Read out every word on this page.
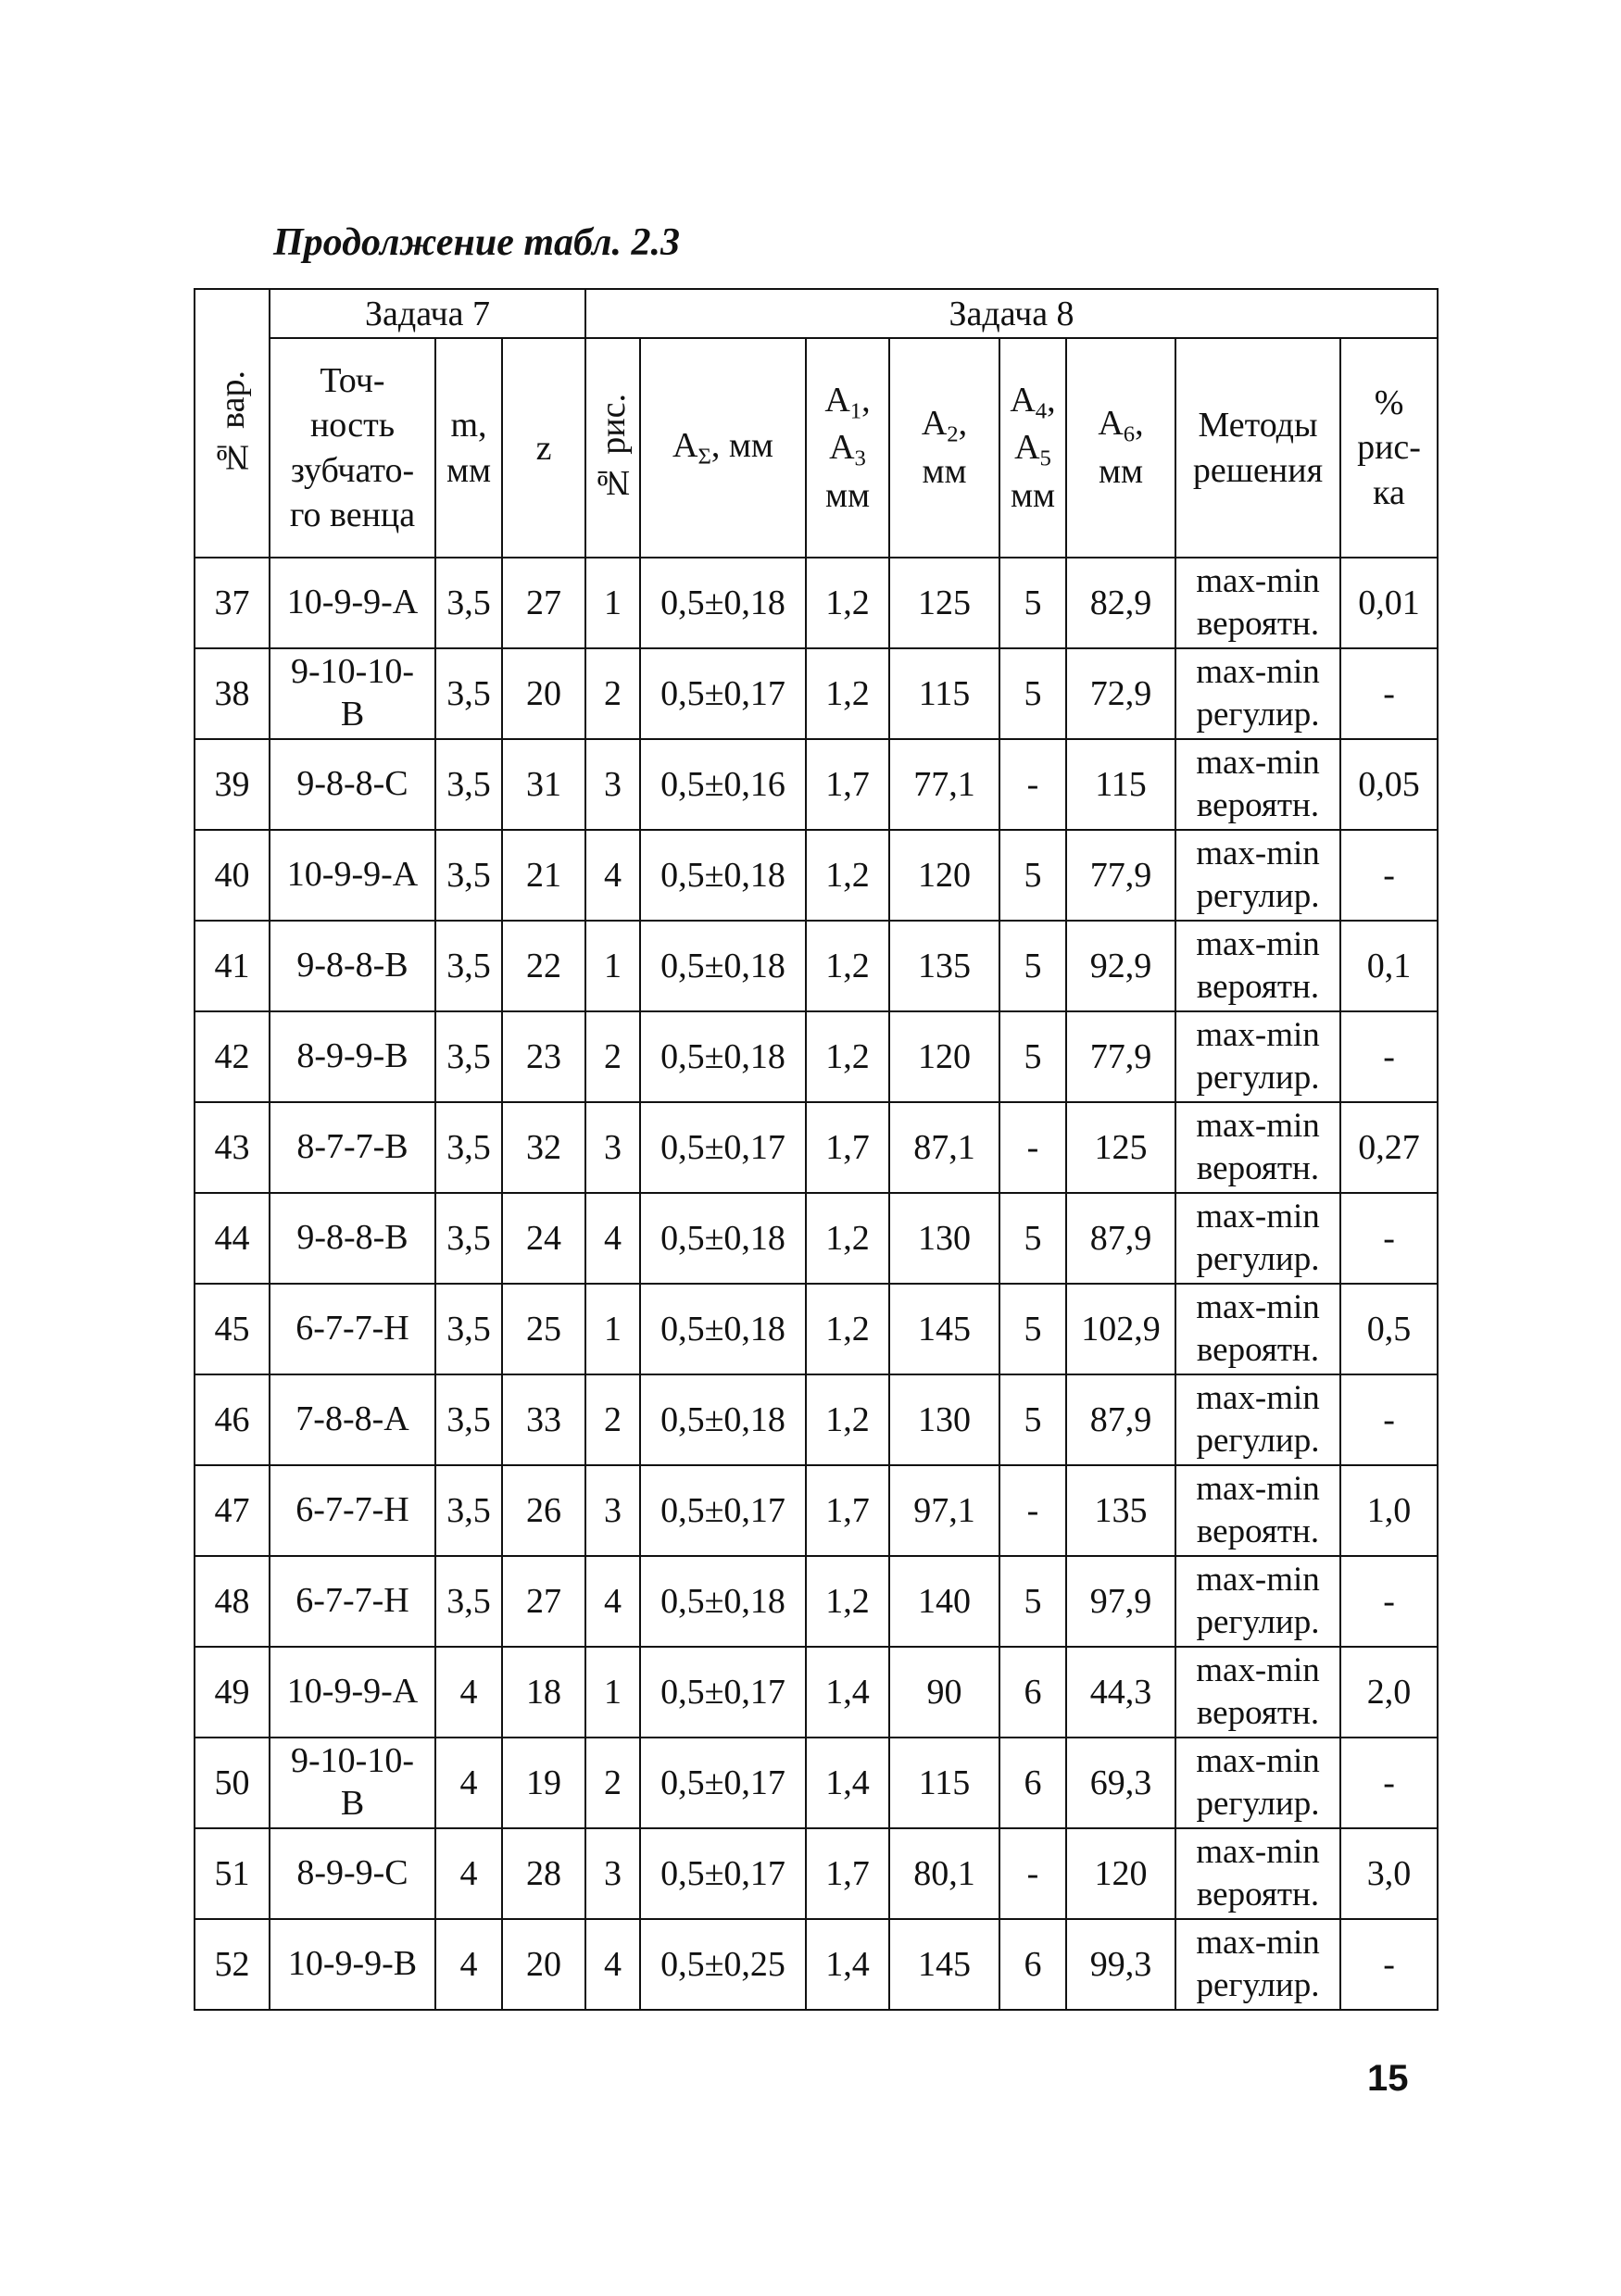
Продолжение табл. 2.3
№ вар.	Задача 7			Задача 8							
	Точ-
ность
зубчато-
го венца	m,
мм	z	№ рис.	$A_\Sigma$, мм	$A_1$,
$A_3$
мм	$A_2$,
мм	$A_4$,
$A_5$
мм	$A_6$,
мм	Методы
решения	%
рис-
ка
37	10-9-9-A	3,5	27	1	0,5±0,18	1,2	125	5	82,9	max-min
вероятн.	0,01
38	9-10-10-
B	3,5	20	2	0,5±0,17	1,2	115	5	72,9	max-min
регулир.	-
39	9-8-8-C	3,5	31	3	0,5±0,16	1,7	77,1	-	115	max-min
вероятн.	0,05
40	10-9-9-A	3,5	21	4	0,5±0,18	1,2	120	5	77,9	max-min
регулир.	-
41	9-8-8-B	3,5	22	1	0,5±0,18	1,2	135	5	92,9	max-min
вероятн.	0,1
42	8-9-9-B	3,5	23	2	0,5±0,18	1,2	120	5	77,9	max-min
регулир.	-
43	8-7-7-B	3,5	32	3	0,5±0,17	1,7	87,1	-	125	max-min
вероятн.	0,27
44	9-8-8-B	3,5	24	4	0,5±0,18	1,2	130	5	87,9	max-min
регулир.	-
45	6-7-7-H	3,5	25	1	0,5±0,18	1,2	145	5	102,9	max-min
вероятн.	0,5
46	7-8-8-A	3,5	33	2	0,5±0,18	1,2	130	5	87,9	max-min
регулир.	-
47	6-7-7-H	3,5	26	3	0,5±0,17	1,7	97,1	-	135	max-min
вероятн.	1,0
48	6-7-7-H	3,5	27	4	0,5±0,18	1,2	140	5	97,9	max-min
регулир.	-
49	10-9-9-A	4	18	1	0,5±0,17	1,4	90	6	44,3	max-min
вероятн.	2,0
50	9-10-10-
B	4	19	2	0,5±0,17	1,4	115	6	69,3	max-min
регулир.	-
51	8-9-9-C	4	28	3	0,5±0,17	1,7	80,1	-	120	max-min
вероятн.	3,0
52	10-9-9-B	4	20	4	0,5±0,25	1,4	145	6	99,3	max-min
регулир.	-
15
